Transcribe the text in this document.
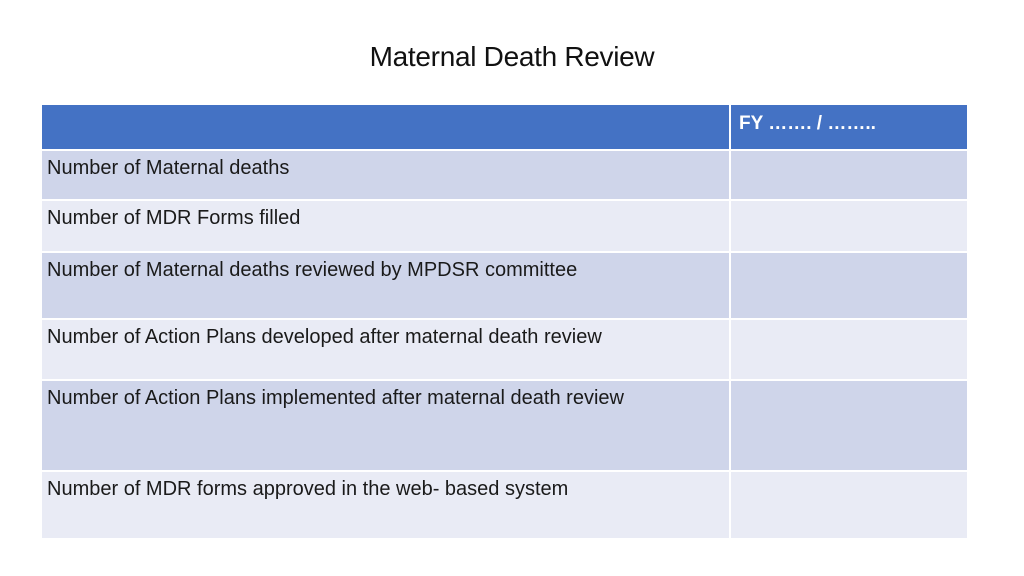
Maternal Death Review
	FY ……. / ……..
Number of Maternal deaths	
Number of MDR Forms filled	
Number of Maternal deaths reviewed by MPDSR committee	
Number of Action Plans developed after maternal death review	
Number of Action Plans implemented after maternal death review	
Number of MDR forms approved in the web- based system	
